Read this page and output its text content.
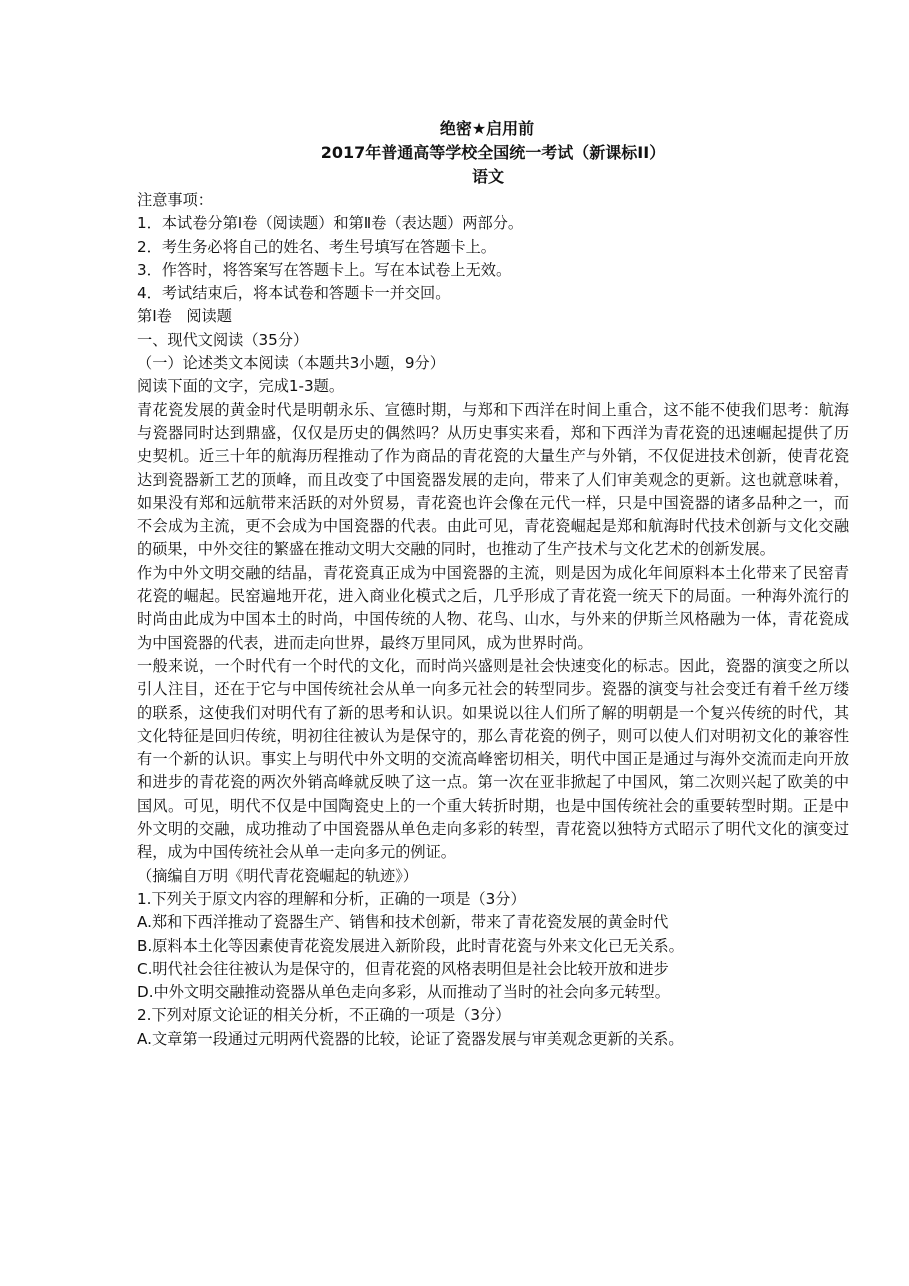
绝密★启用前
2017年普通高等学校全国统一考试（新课标II）
语文
注意事项：
1．本试卷分第Ⅰ卷（阅读题）和第Ⅱ卷（表达题）两部分。
2．考生务必将自己的姓名、考生号填写在答题卡上。
3．作答时，将答案写在答题卡上。写在本试卷上无效。
4．考试结束后，将本试卷和答题卡一并交回。
第Ⅰ卷   阅读题
一、现代文阅读（35分）
（一）论述类文本阅读（本题共3小题，9分）
阅读下面的文字，完成1-3题。
青花瓷发展的黄金时代是明朝永乐、宣德时期，与郑和下西洋在时间上重合，这不能不使我们思考：航海与瓷器同时达到鼎盛，仅仅是历史的偶然吗？从历史事实来看，郑和下西洋为青花瓷的迅速崛起提供了历史契机。近三十年的航海历程推动了作为商品的青花瓷的大量生产与外销，不仅促进技术创新，使青花瓷达到瓷器新工艺的顶峰，而且改变了中国瓷器发展的走向，带来了人们审美观念的更新。这也就意味着，如果没有郑和远航带来活跃的对外贸易，青花瓷也许会像在元代一样，只是中国瓷器的诸多品种之一，而不会成为主流，更不会成为中国瓷器的代表。由此可见，青花瓷崛起是郑和航海时代技术创新与文化交融的硕果，中外交往的繁盛在推动文明大交融的同时，也推动了生产技术与文化艺术的创新发展。
作为中外文明交融的结晶，青花瓷真正成为中国瓷器的主流，则是因为成化年间原料本土化带来了民窑青花瓷的崛起。民窑遍地开花，进入商业化模式之后，几乎形成了青花瓷一统天下的局面。一种海外流行的时尚由此成为中国本土的时尚，中国传统的人物、花鸟、山水，与外来的伊斯兰风格融为一体，青花瓷成为中国瓷器的代表，进而走向世界，最终万里同风，成为世界时尚。
一般来说，一个时代有一个时代的文化，而时尚兴盛则是社会快速变化的标志。因此，瓷器的演变之所以引人注目，还在于它与中国传统社会从单一向多元社会的转型同步。瓷器的演变与社会变迁有着千丝万缕的联系，这使我们对明代有了新的思考和认识。如果说以往人们所了解的明朝是一个复兴传统的时代，其文化特征是回归传统，明初往往被认为是保守的，那么青花瓷的例子，则可以使人们对明初文化的兼容性有一个新的认识。事实上与明代中外文明的交流高峰密切相关，明代中国正是通过与海外交流而走向开放和进步的青花瓷的两次外销高峰就反映了这一点。第一次在亚非掀起了中国风，第二次则兴起了欧美的中国风。可见，明代不仅是中国陶瓷史上的一个重大转折时期，也是中国传统社会的重要转型时期。正是中外文明的交融，成功推动了中国瓷器从单色走向多彩的转型，青花瓷以独特方式昭示了明代文化的演变过程，成为中国传统社会从单一走向多元的例证。
（摘编自万明《明代青花瓷崛起的轨迹》）
1.下列关于原文内容的理解和分析，正确的一项是（3分）
A.郑和下西洋推动了瓷器生产、销售和技术创新，带来了青花瓷发展的黄金时代
B.原料本土化等因素使青花瓷发展进入新阶段，此时青花瓷与外来文化已无关系。
C.明代社会往往被认为是保守的，但青花瓷的风格表明但是社会比较开放和进步
D.中外文明交融推动瓷器从单色走向多彩，从而推动了当时的社会向多元转型。
2.下列对原文论证的相关分析，不正确的一项是（3分）
A.文章第一段通过元明两代瓷器的比较，论证了瓷器发展与审美观念更新的关系。
